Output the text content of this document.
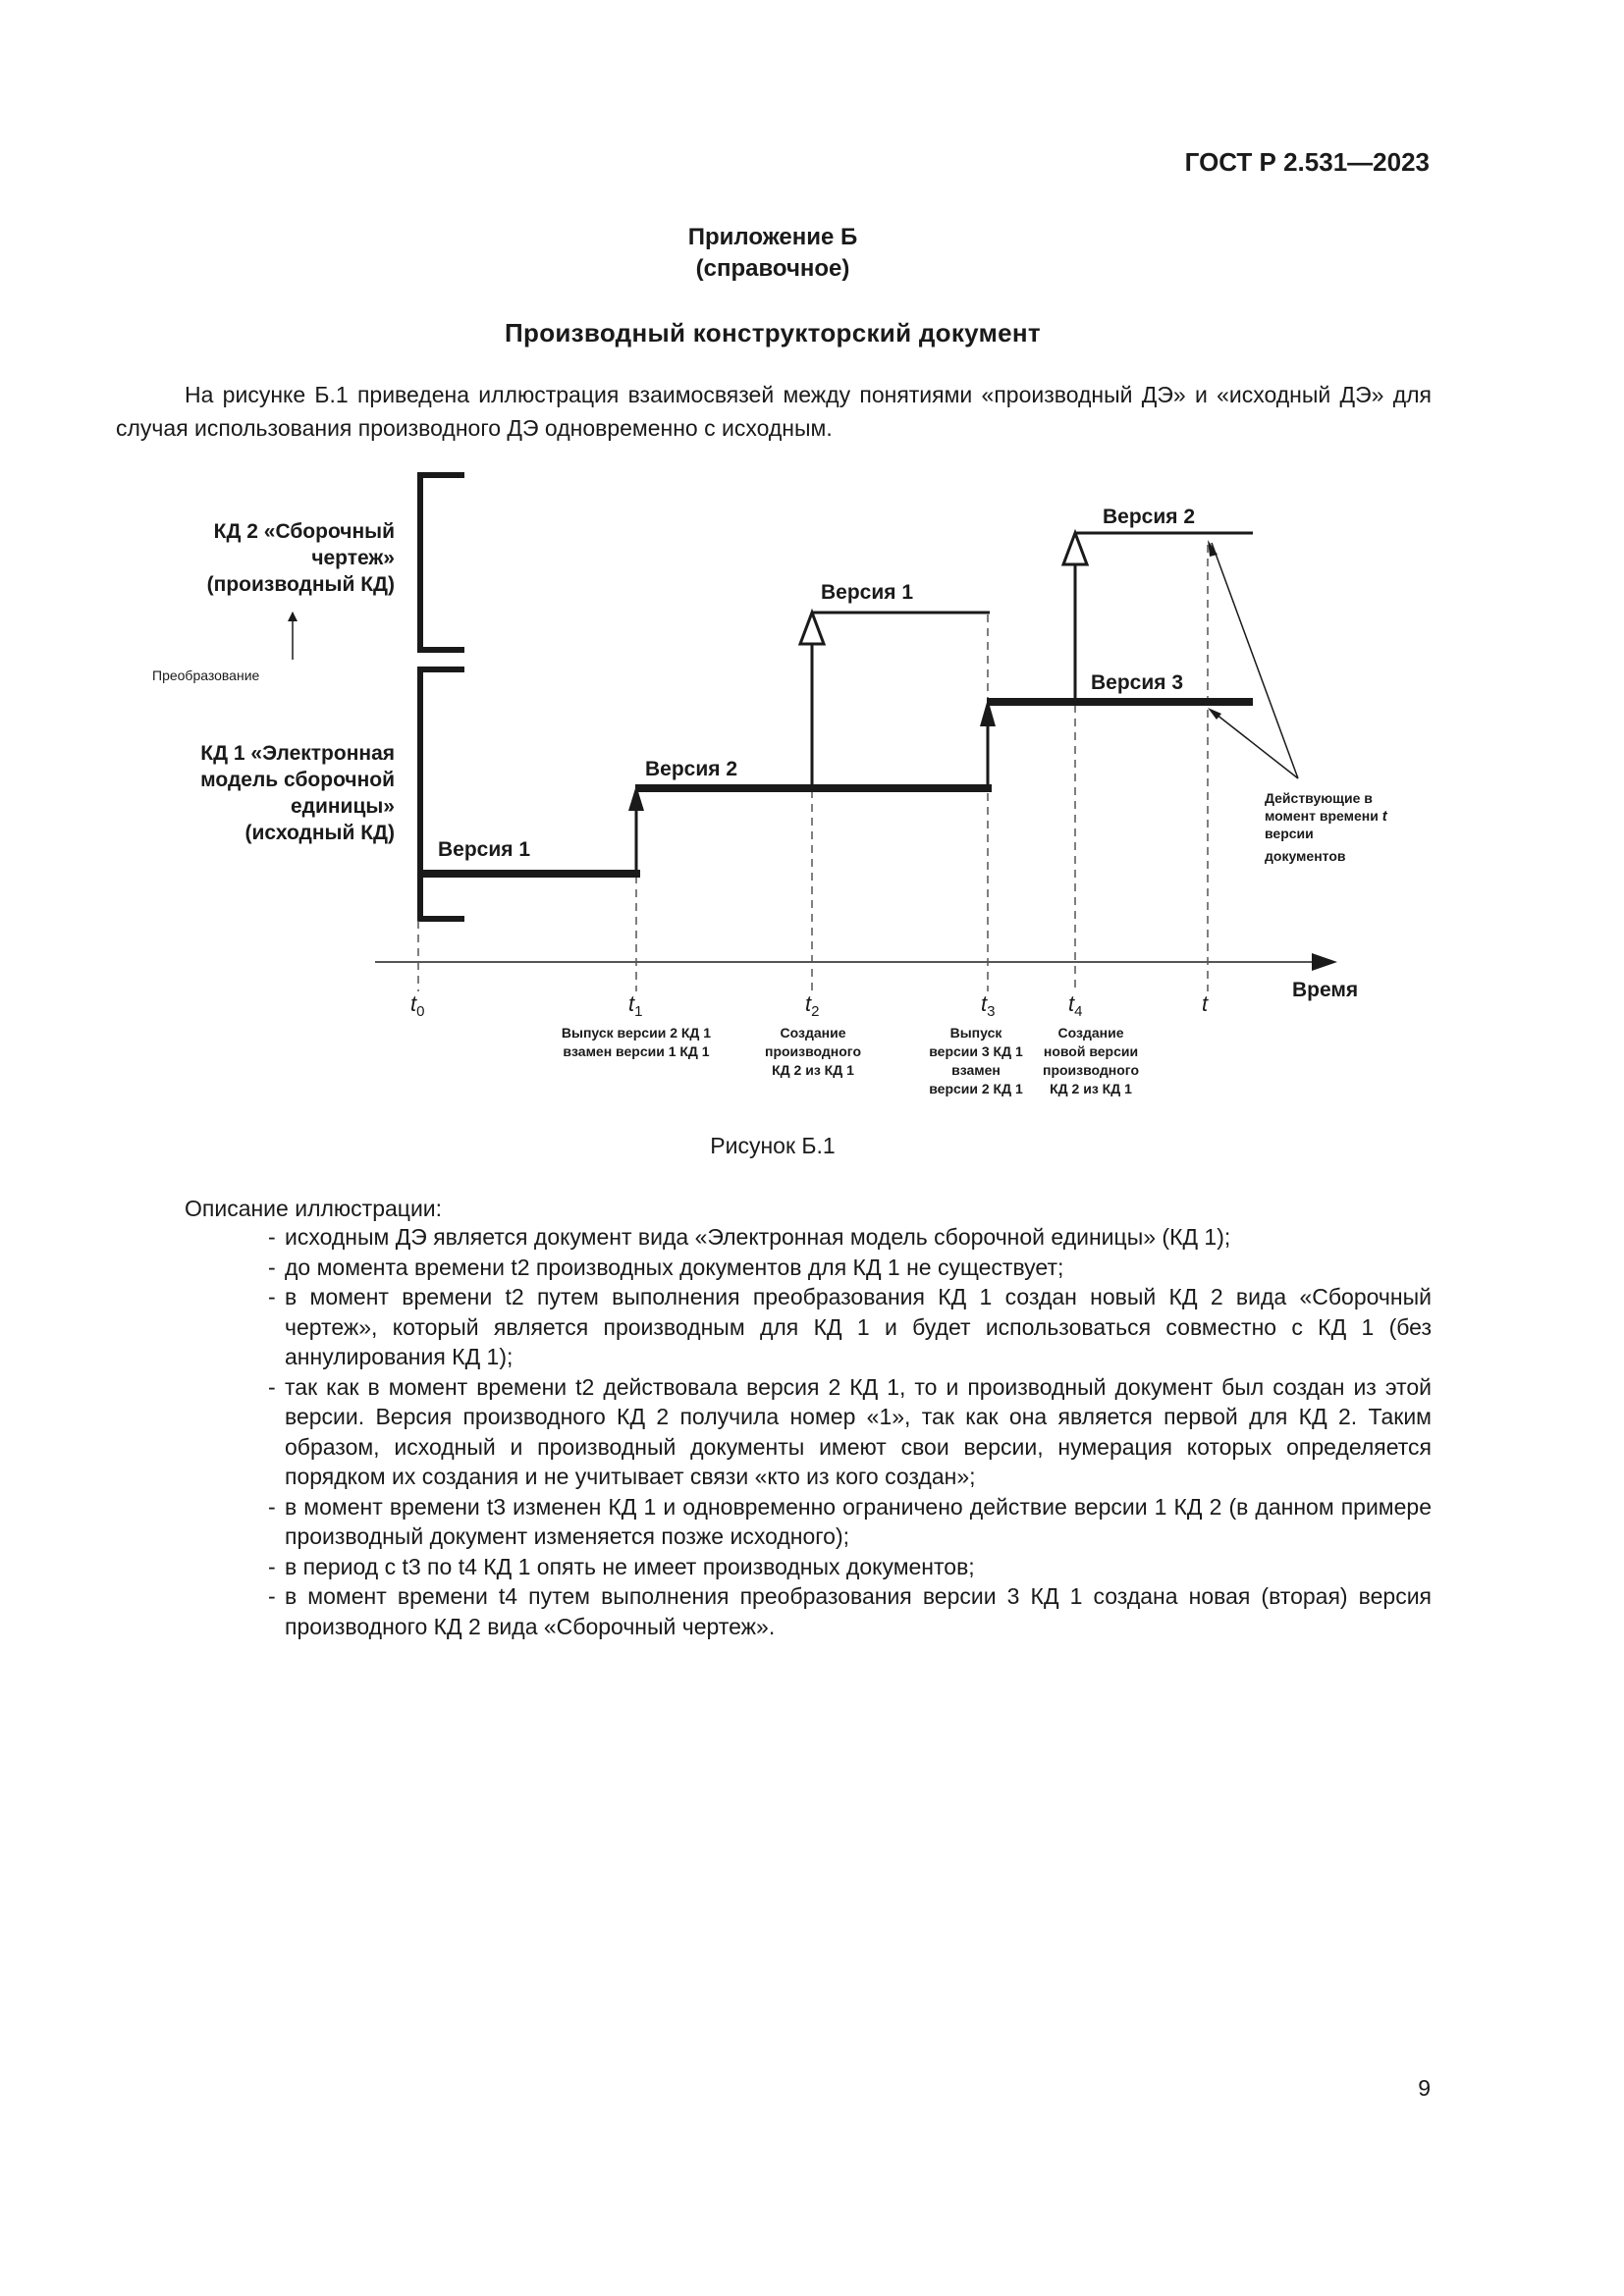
ГОСТ Р 2.531—2023
Приложение Б
(справочное)
Производный конструкторский документ
На рисунке Б.1 приведена иллюстрация взаимосвязей между понятиями «производный ДЭ» и «исходный ДЭ» для случая использования производного ДЭ одновременно с исходным.
КД 2 «Сборочный
чертеж»
(производный КД)
Преобразование
КД 1 «Электронная
модель сборочной
единицы»
(исходный КД)
Время
Версия 1
Версия 2
Версия 3
Версия 1
Версия 2
$t_0$	$t_1$	$t_2$	$t_3$	$t_4$	t
Выпуск версии 2 КД 1
взамен версии 1 КД 1
Создание
производного
КД 2 из КД 1
Выпуск
версии 3 КД 1
взамен
версии 2 КД 1
Создание
новой версии
производного
КД 2 из КД 1
Действующие в
момент времени t
версии
документов
Рисунок Б.1
Описание иллюстрации:
- исходным ДЭ является документ вида «Электронная модель сборочной единицы» (КД 1);
- до момента времени t2 производных документов для КД 1 не существует;
- в момент времени t2 путем выполнения преобразования КД 1 создан новый КД 2 вида «Сборочный чертеж», который является производным для КД 1 и будет использоваться совместно с КД 1 (без аннулирования КД 1);
- так как в момент времени t2 действовала версия 2 КД 1, то и производный документ был создан из этой версии. Версия производного КД 2 получила номер «1», так как она является первой для КД 2. Таким образом, исходный и производный документы имеют свои версии, нумерация которых определяется порядком их создания и не учитывает связи «кто из кого создан»;
- в момент времени t3 изменен КД 1 и одновременно ограничено действие версии 1 КД 2 (в данном примере производный документ изменяется позже исходного);
- в период с t3 по t4 КД 1 опять не имеет производных документов;
- в момент времени t4 путем выполнения преобразования версии 3 КД 1 создана новая (вторая) версия производного КД 2 вида «Сборочный чертеж».
9
